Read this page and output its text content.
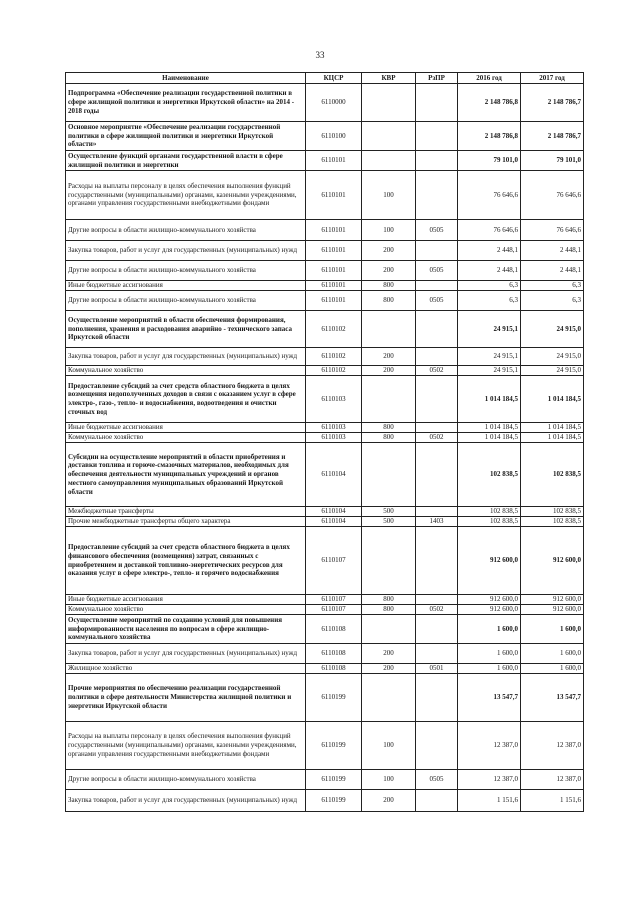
33
Наименование	КЦСР	КВР	РзПР	2016 год	2017 год
Подпрограмма «Обеспечение реализации государственной политики в сфере жилищной политики и энергетики Иркутской области» на 2014 - 2018 годы	6110000			2 148 786,8	2 148 786,7
Основное мероприятие «Обеспечение реализации государственной политики в сфере жилищной политики и энергетики Иркутской области»	6110100			2 148 786,8	2 148 786,7
Осуществление функций органами государственной власти в сфере жилищной политики и энергетики	6110101			79 101,0	79 101,0
Расходы на выплаты персоналу в целях обеспечения выполнения функций государственными (муниципальными) органами, казенными учреждениями, органами управления государственными внебюджетными фондами	6110101	100		76 646,6	76 646,6
Другие вопросы в области жилищно-коммунального хозяйства	6110101	100	0505	76 646,6	76 646,6
Закупка товаров, работ и услуг для государственных (муниципальных) нужд	6110101	200		2 448,1	2 448,1
Другие вопросы в области жилищно-коммунального хозяйства	6110101	200	0505	2 448,1	2 448,1
Иные бюджетные ассигнования	6110101	800		6,3	6,3
Другие вопросы в области жилищно-коммунального хозяйства	6110101	800	0505	6,3	6,3
Осуществление мероприятий в области обеспечения формирования, пополнения, хранения и расходования аварийно - технического запаса Иркутской области	6110102			24 915,1	24 915,0
Закупка товаров, работ и услуг для государственных (муниципальных) нужд	6110102	200		24 915,1	24 915,0
Коммунальное хозяйство	6110102	200	0502	24 915,1	24 915,0
Предоставление субсидий за счет средств областного бюджета в целях возмещения недополученных доходов в связи с оказанием услуг в сфере электро-, газо-, тепло- и водоснабжения, водоотведения и очистки сточных вод	6110103			1 014 184,5	1 014 184,5
Иные бюджетные ассигнования	6110103	800		1 014 184,5	1 014 184,5
Коммунальное хозяйство	6110103	800	0502	1 014 184,5	1 014 184,5
Субсидии на осуществление мероприятий в области приобретения и доставки топлива и горюче-смазочных материалов, необходимых для обеспечения деятельности муниципальных учреждений и органов местного самоуправления муниципальных образований Иркутской области	6110104			102 838,5	102 838,5
Межбюджетные трансферты	6110104	500		102 838,5	102 838,5
Прочие межбюджетные трансферты общего характера	6110104	500	1403	102 838,5	102 838,5
Предоставление субсидий за счет средств областного бюджета в целях финансового обеспечения (возмещения) затрат, связанных с приобретением и доставкой топливно-энергетических ресурсов для оказания услуг в сфере электро-, тепло- и горячего водоснабжения	6110107			912 600,0	912 600,0
Иные бюджетные ассигнования	6110107	800		912 600,0	912 600,0
Коммунальное хозяйство	6110107	800	0502	912 600,0	912 600,0
Осуществление мероприятий по созданию условий для повышения информированности населения по вопросам в сфере жилищно-коммунального хозяйства	6110108			1 600,0	1 600,0
Закупка товаров, работ и услуг для государственных (муниципальных) нужд	6110108	200		1 600,0	1 600,0
Жилищное хозяйство	6110108	200	0501	1 600,0	1 600,0
Прочие мероприятия по обеспечению реализации государственной политики в сфере деятельности Министерства жилищной политики и энергетики Иркутской области	6110199			13 547,7	13 547,7
Расходы на выплаты персоналу в целях обеспечения выполнения функций государственными (муниципальными) органами, казенными учреждениями, органами управления государственными внебюджетными фондами	6110199	100		12 387,0	12 387,0
Другие вопросы в области жилищно-коммунального хозяйства	6110199	100	0505	12 387,0	12 387,0
Закупка товаров, работ и услуг для государственных (муниципальных) нужд	6110199	200		1 151,6	1 151,6
